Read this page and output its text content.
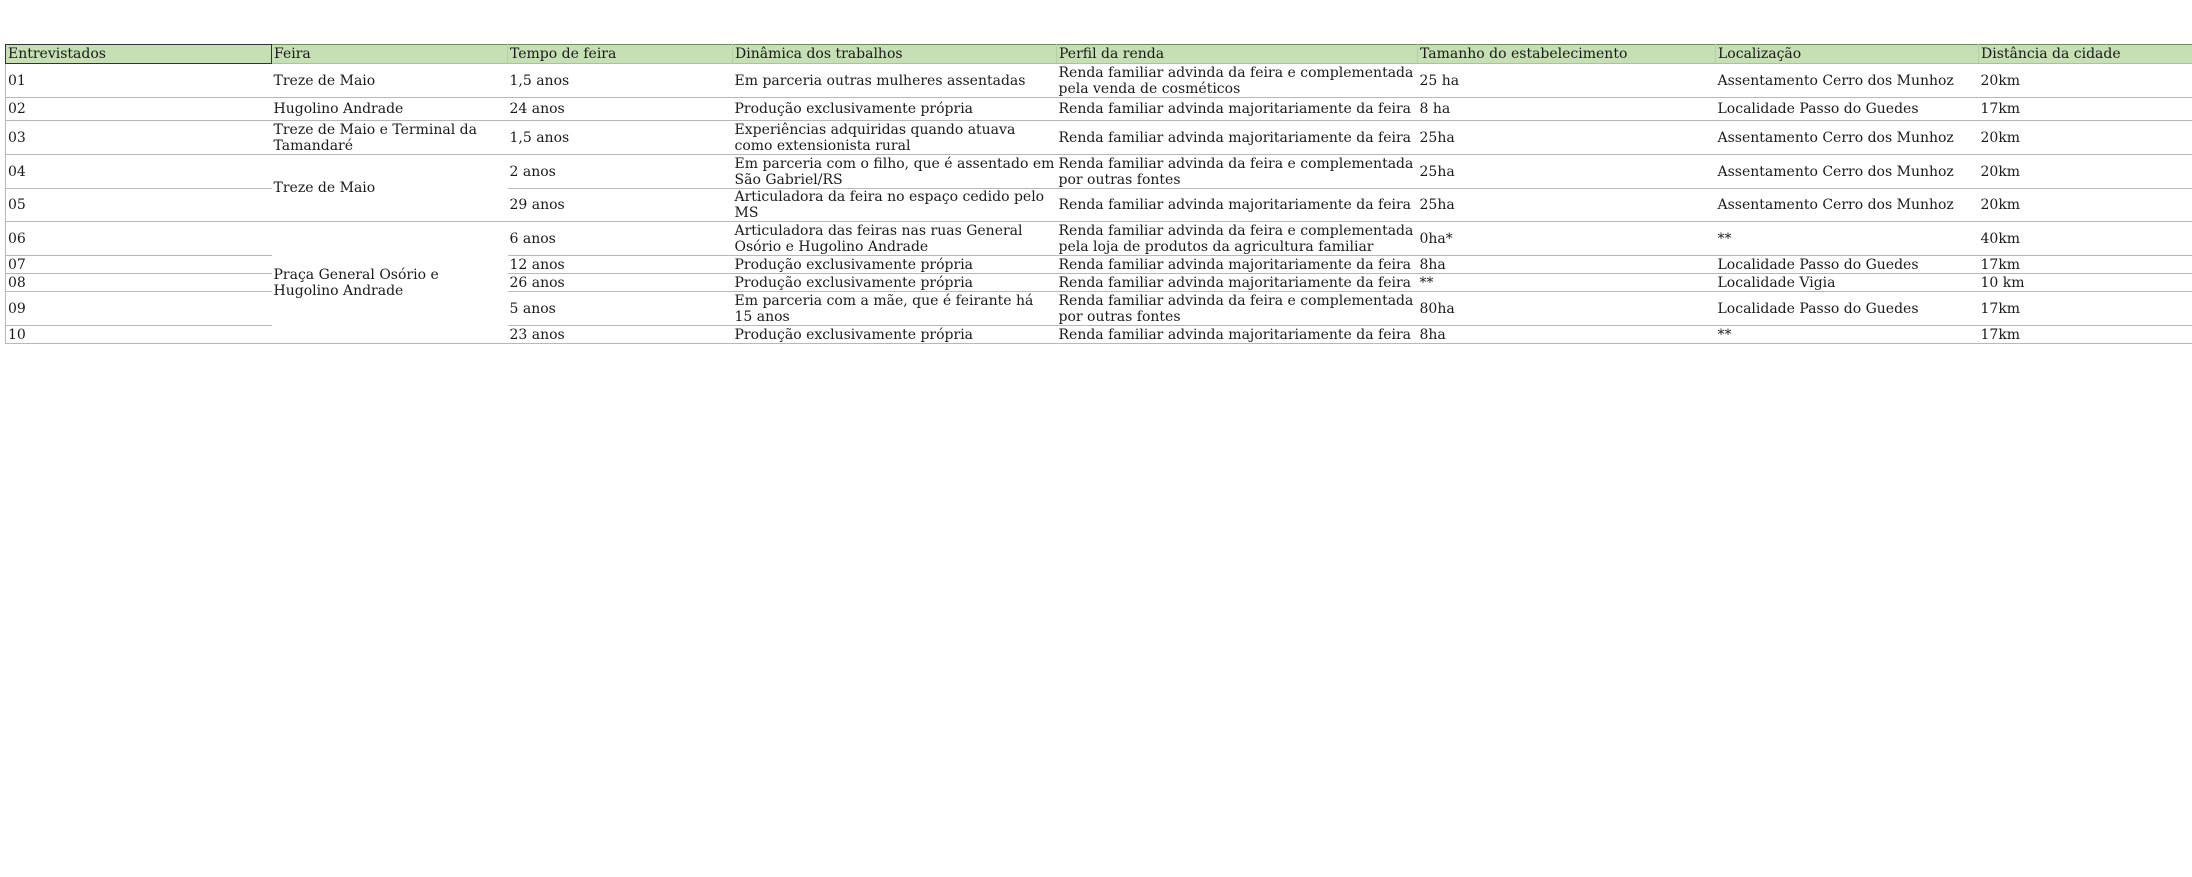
Entrevistados	Feira	Tempo de feira	Dinâmica dos trabalhos	Perfil da renda	Tamanho do estabelecimento	Localização	Distância da cidade
01	Treze de Maio	1,5 anos	Em parceria outras mulheres assentadas	Renda familiar advinda da feira e complementada pela venda de cosméticos	25 ha	Assentamento Cerro dos Munhoz	20km
02	Hugolino Andrade	24 anos	Produção exclusivamente própria	Renda familiar advinda majoritariamente da feira	8 ha	Localidade Passo do Guedes	17km
03	Treze de Maio e Terminal da Tamandaré	1,5 anos	Experiências adquiridas quando atuava como extensionista rural	Renda familiar advinda majoritariamente da feira	25ha	Assentamento Cerro dos Munhoz	20km
04	Treze de Maio	2 anos	Em parceria com o filho, que é assentado em São Gabriel/RS	Renda familiar advinda da feira e complementada por outras fontes	25ha	Assentamento Cerro dos Munhoz	20km
05		29 anos	Articuladora da feira no espaço cedido pelo MS	Renda familiar advinda majoritariamente da feira	25ha	Assentamento Cerro dos Munhoz	20km
06	Praça General Osório e Hugolino Andrade	6 anos	Articuladora das feiras nas ruas General Osório e Hugolino Andrade	Renda familiar advinda da feira e complementada pela loja de produtos da agricultura familiar	0ha*	**	40km
07		12 anos	Produção exclusivamente própria	Renda familiar advinda majoritariamente da feira	8ha	Localidade Passo do Guedes	17km
08		26 anos	Produção exclusivamente própria	Renda familiar advinda majoritariamente da feira	**	Localidade Vigia	10 km
09		5 anos	Em parceria com a mãe, que é feirante há 15 anos	Renda familiar advinda da feira e complementada por outras fontes	80ha	Localidade Passo do Guedes	17km
10		23 anos	Produção exclusivamente própria	Renda familiar advinda majoritariamente da feira	8ha	**	17km
